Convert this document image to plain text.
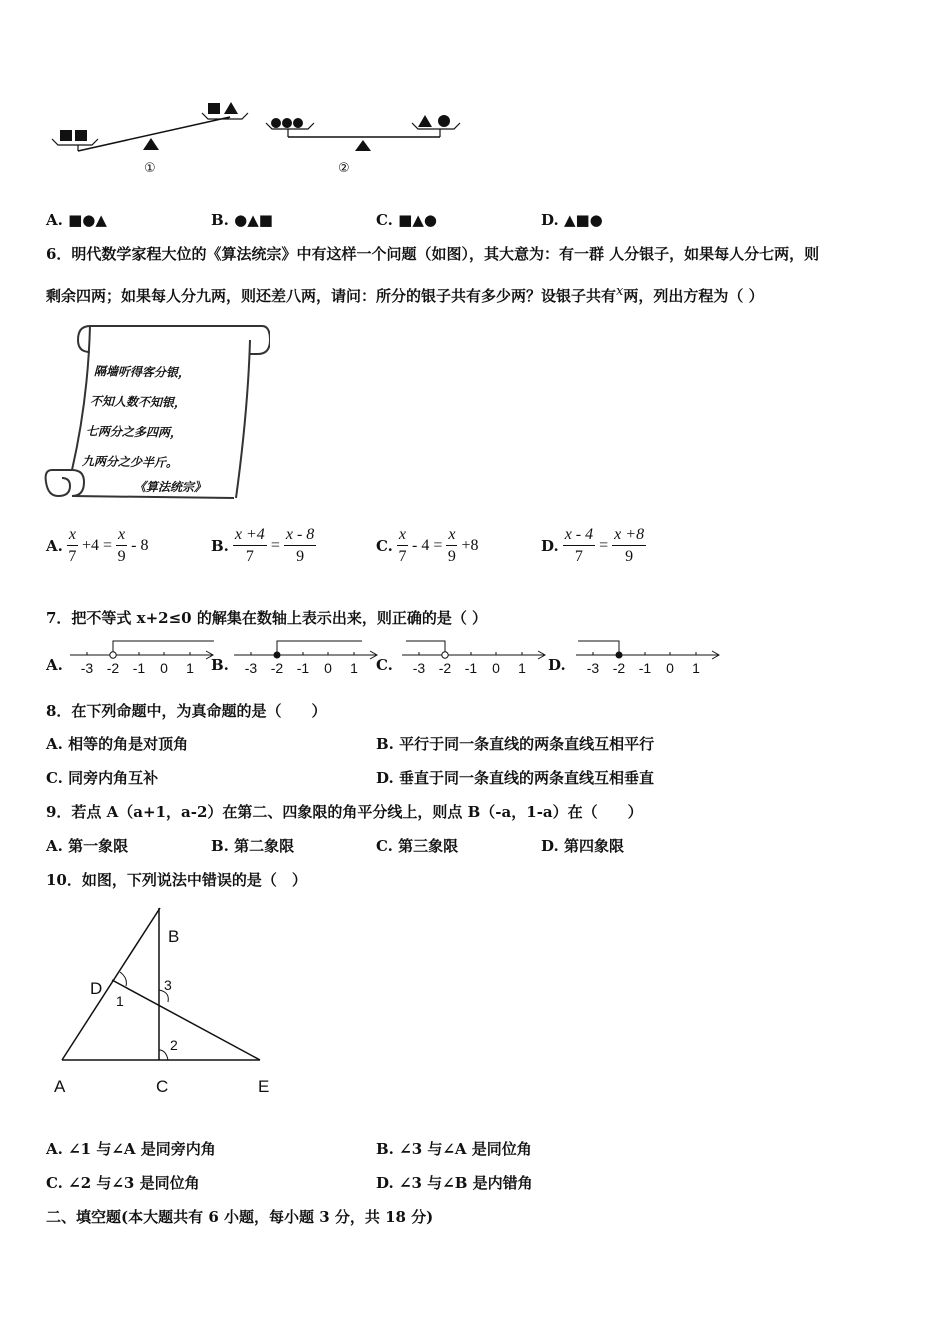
①	②
A. ■●▲	B. ●▲■	C. ■▲●	D. ▲■●
6．明代数学家程大位的《算法统宗》中有这样一个问题（如图），其大意为：有一群 人分银子，如果每人分七两，则
剩余四两；如果每人分九两，则还差八两，请问：所分的银子共有多少两？设银子共有x两，列出方程为（ ）
隔墙听得客分银，
不知人数不知银，
七两分之多四两，
九两分之少半斤。
《算法统宗》
A. $\frac{x}{7} +4 = \frac{x}{9} - 8$	B. $\frac{x +4}{7} = \frac{x - 8}{9}$	C. $\frac{x}{7} - 4 = \frac{x}{9} +8$	D. $\frac{x - 4}{7} = \frac{x +8}{9}$
7．把不等式 x+2≤0 的解集在数轴上表示出来，则正确的是（ ）
A.	B.	C.	D.
-3 -2 -1 0 1	-3 -2 -1 0 1	-3 -2 -1 0 1	-3 -2 -1 0 1
8．在下列命题中，为真命题的是（　　）
A. 相等的角是对顶角	B. 平行于同一条直线的两条直线互相平行
C. 同旁内角互补	D. 垂直于同一条直线的两条直线互相垂直
9．若点 A（a+1，a-2）在第二、四象限的角平分线上，则点 B（-a，1-a）在（　　）
A. 第一象限	B. 第二象限	C. 第三象限	D. 第四象限
10．如图，下列说法中错误的是（　）
B
D
A	C	E
1
3
2
A. ∠1 与∠A 是同旁内角	B. ∠3 与∠A 是同位角
C. ∠2 与∠3 是同位角	D. ∠3 与∠B 是内错角
二、填空题(本大题共有 6 小题，每小题 3 分，共 18 分)
